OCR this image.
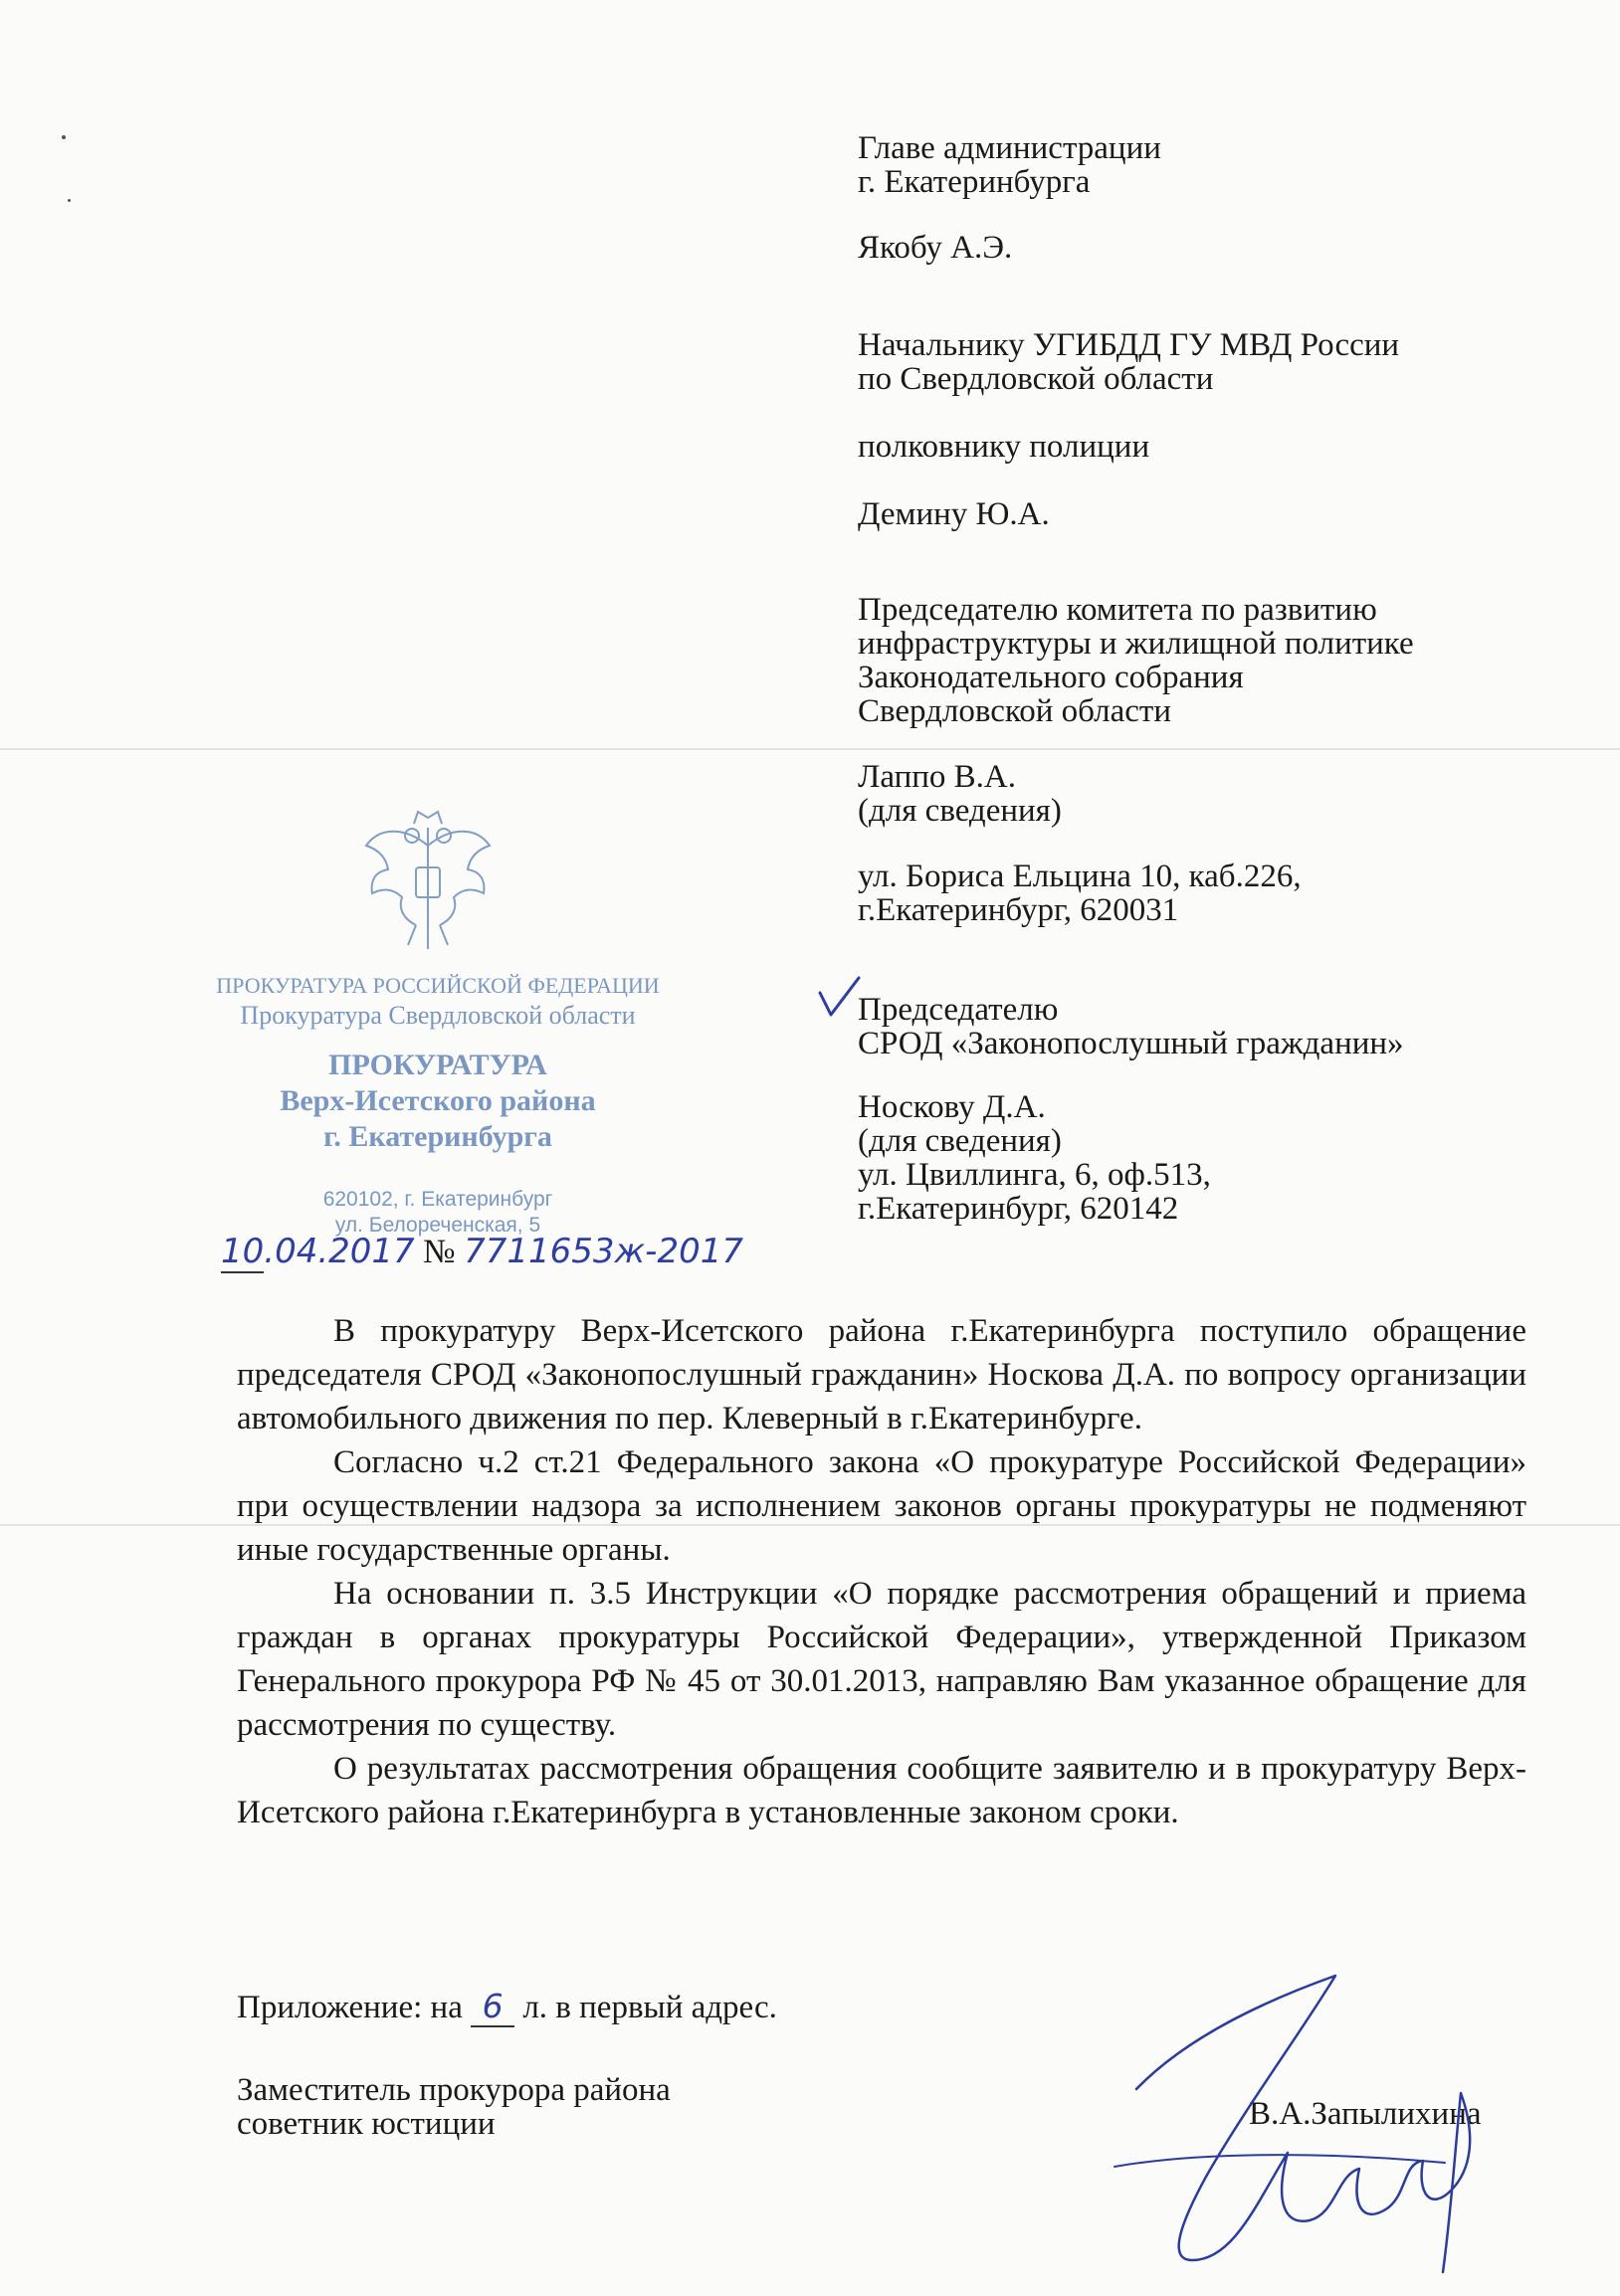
Главе администрации
г. Екатеринбурга
Якобу А.Э.
Начальнику УГИБДД ГУ МВД России
по Свердловской области
полковнику полиции
Демину Ю.А.
Председателю комитета по развитию
инфраструктуры и жилищной политике
Законодательного собрания
Свердловской области
Лаппо В.А.
(для сведения)
ул. Бориса Ельцина 10, каб.226,
г.Екатеринбург, 620031
Председателю
СРОД «Законопослушный гражданин»
Носкову Д.А.
(для сведения)
ул. Цвиллинга, 6, оф.513,
г.Екатеринбург, 620142
ПРОКУРАТУРА РОССИЙСКОЙ ФЕДЕРАЦИИ
Прокуратура Свердловской области
ПРОКУРАТУРА
Верх-Исетского района
г. Екатеринбурга
620102, г. Екатеринбург
ул. Белореченская, 5
10.04.2017 № 7711653ж-2017

В прокуратуру Верх-Исетского района г.Екатеринбурга поступило обращение председателя СРОД «Законопослушный гражданин» Носкова Д.А. по вопросу организации автомобильного движения по пер. Клеверный в г.Екатеринбурге.

Согласно ч.2 ст.21 Федерального закона «О прокуратуре Российской Федерации» при осуществлении надзора за исполнением законов органы прокуратуры не подменяют иные государственные органы.

На основании п. 3.5 Инструкции «О порядке рассмотрения обращений и приема граждан в органах прокуратуры Российской Федерации», утвержденной Приказом Генерального прокурора РФ № 45 от 30.01.2013, направляю Вам указанное обращение для рассмотрения по существу.

О результатах рассмотрения обращения сообщите заявителю и в прокуратуру Верх-Исетского района г.Екатеринбурга в установленные законом сроки.

Приложение: на 6 л. в первый адрес.
Заместитель прокурора района
советник юстиции	В.А.Запылихина
